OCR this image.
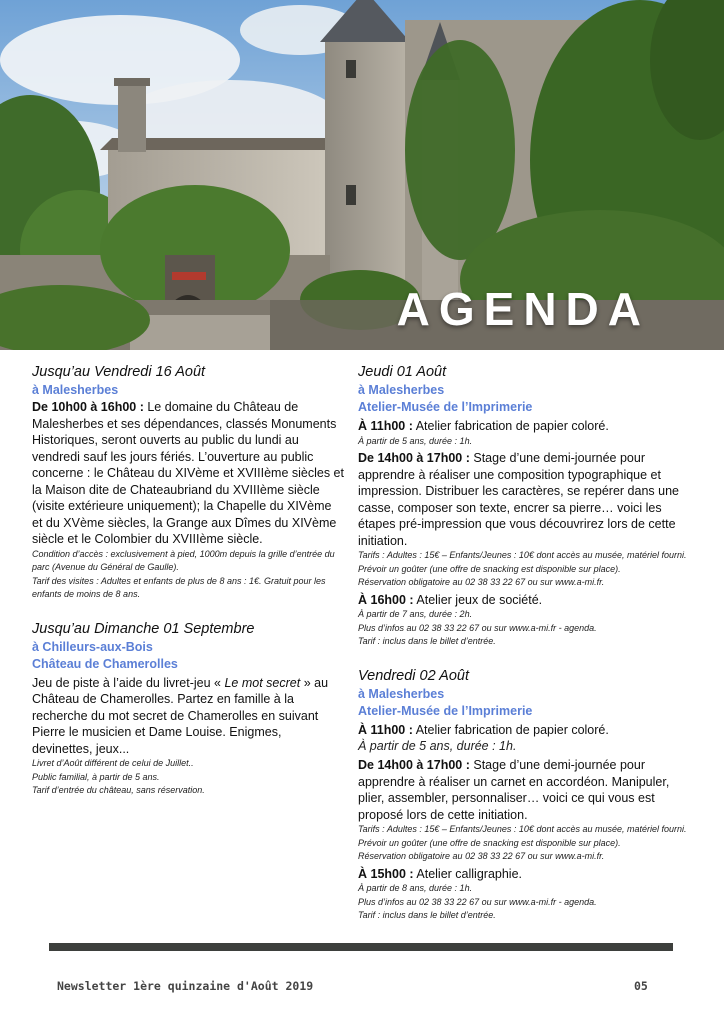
AGENDA
Jusqu’au Vendredi 16 Août
à Malesherbes
De 10h00 à 16h00 : Le domaine du Château de Malesherbes et ses dépendances, classés Monuments Historiques, seront ouverts au public du lundi au vendredi sauf les jours fériés. L’ouverture au public concerne : le Château du XIVème et XVIIIème siècles et la Maison dite de Chateaubriand du XVIIIème siècle (visite extérieure uniquement); la Chapelle du XIVème et du XVème siècles, la Grange aux Dîmes du XIVème siècle et le Colombier du XVIIIème siècle.
Condition d’accès : exclusivement à pied, 1000m depuis la grille d’entrée du parc (Avenue du Général de Gaulle).
Tarif des visites : Adultes et enfants de plus de 8 ans : 1€. Gratuit pour les enfants de moins de 8 ans.
Jusqu’au Dimanche 01 Septembre
à Chilleurs-aux-Bois
Château de Chamerolles
Jeu de piste à l’aide du livret-jeu « Le mot secret » au Château de Chamerolles. Partez en famille à la recherche du mot secret de Chamerolles en suivant Pierre le musicien et Dame Louise. Enigmes, devinettes, jeux...
Livret d’Août différent de celui de Juillet..
Public familial, à partir de 5 ans.
Tarif d’entrée du château, sans réservation.
Jeudi 01 Août
à Malesherbes
Atelier-Musée de l’Imprimerie
À 11h00 : Atelier fabrication de papier coloré.
À partir de 5 ans, durée : 1h.
De 14h00 à 17h00 : Stage d’une demi-journée pour apprendre à réaliser une composition typographique et impression. Distribuer les caractères, se repérer dans une casse, composer son texte, encrer sa pierre… voici les étapes pré-impression que vous découvrirez lors de cette initiation.
Tarifs : Adultes : 15€ – Enfants/Jeunes : 10€ dont accès au musée, matériel fourni. Prévoir un goûter (une offre de snacking est disponible sur place).
Réservation obligatoire au 02 38 33 22 67 ou sur www.a-mi.fr.
À 16h00 : Atelier jeux de société.
À partir de 7 ans, durée : 2h.
Plus d’infos au 02 38 33 22 67 ou sur www.a-mi.fr - agenda.
Tarif : inclus dans le billet d’entrée.
Vendredi 02 Août
à Malesherbes
Atelier-Musée de l’Imprimerie
À 11h00 : Atelier fabrication de papier coloré.
À partir de 5 ans, durée : 1h.
De 14h00 à 17h00 : Stage d’une demi-journée pour apprendre à réaliser un carnet en accordéon. Manipuler, plier, assembler, personnaliser… voici ce qui vous est proposé lors de cette initiation.
Tarifs : Adultes : 15€ – Enfants/Jeunes : 10€ dont accès au musée, matériel fourni. Prévoir un goûter (une offre de snacking est disponible sur place).
Réservation obligatoire au 02 38 33 22 67 ou sur www.a-mi.fr.
À 15h00 : Atelier calligraphie.
À partir de 8 ans, durée : 1h.
Plus d’infos au 02 38 33 22 67 ou sur www.a-mi.fr - agenda.
Tarif : inclus dans le billet d’entrée.
Newsletter 1ère quinzaine d'Août 2019	05
